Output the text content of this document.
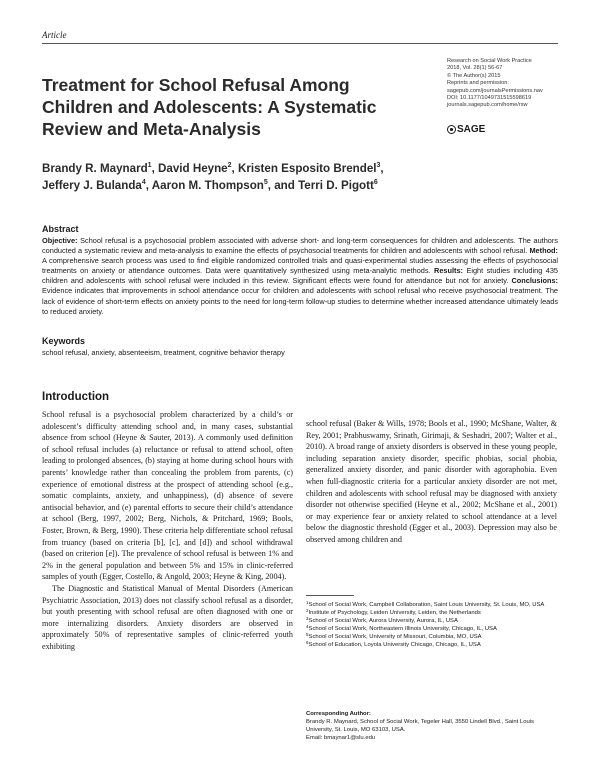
Article
Treatment for School Refusal Among Children and Adolescents: A Systematic Review and Meta-Analysis
Research on Social Work Practice
2018, Vol. 28(1) 56-67
© The Author(s) 2015
Reprints and permission:
sagepub.com/journalsPermissions.nav
DOI: 10.1177/1049731515598619
journals.sagepub.com/home/rsw
SAGE
Brandy R. Maynard$^1$, David Heyne$^2$, Kristen Esposito Brendel$^3$,
Jeffery J. Bulanda$^4$, Aaron M. Thompson$^5$, and Terri D. Pigott$^6$
Abstract
Objective: School refusal is a psychosocial problem associated with adverse short- and long-term consequences for children and adolescents. The authors conducted a systematic review and meta-analysis to examine the effects of psychosocial treatments for children and adolescents with school refusal. Method: A comprehensive search process was used to find eligible randomized controlled trials and quasi-experimental studies assessing the effects of psychosocial treatments on anxiety or attendance outcomes. Data were quantitatively synthesized using meta-analytic methods. Results: Eight studies including 435 children and adolescents with school refusal were included in this review. Significant effects were found for attendance but not for anxiety. Conclusions: Evidence indicates that improvements in school attendance occur for children and adolescents with school refusal who receive psychosocial treatment. The lack of evidence of short-term effects on anxiety points to the need for long-term follow-up studies to determine whether increased attendance ultimately leads to reduced anxiety.
Keywords
school refusal, anxiety, absenteeism, treatment, cognitive behavior therapy
Introduction

School refusal is a psychosocial problem characterized by a child’s or adolescent’s difficulty attending school and, in many cases, substantial absence from school (Heyne & Sauter, 2013). A commonly used definition of school refusal includes (a) reluctance or refusal to attend school, often leading to prolonged absences, (b) staying at home during school hours with parents’ knowledge rather than concealing the problem from parents, (c) experience of emotional distress at the prospect of attending school (e.g., somatic complaints, anxiety, and unhappiness), (d) absence of severe antisocial behavior, and (e) parental efforts to secure their child’s attendance at school (Berg, 1997, 2002; Berg, Nichols, & Pritchard, 1969; Bools, Foster, Brown, & Berg, 1990). These criteria help differentiate school refusal from truancy (based on criteria [b], [c], and [d]) and school withdrawal (based on criterion [e]). The prevalence of school refusal is between 1% and 2% in the general population and between 5% and 15% in clinic-referred samples of youth (Egger, Costello, & Angold, 2003; Heyne & King, 2004).

The Diagnostic and Statistical Manual of Mental Disorders (American Psychiatric Association, 2013) does not classify school refusal as a disorder, but youth presenting with school refusal are often diagnosed with one or more internalizing disorders. Anxiety disorders are observed in approximately 50% of representative samples of clinic-referred youth exhibiting

school refusal (Baker & Wills, 1978; Bools et al., 1990; McShane, Walter, & Rey, 2001; Prabhuswamy, Srinath, Girimaji, & Seshadri, 2007; Walter et al., 2010). A broad range of anxiety disorders is observed in these young people, including separation anxiety disorder, specific phobias, social phobia, generalized anxiety disorder, and panic disorder with agoraphobia. Even when full-diagnostic criteria for a particular anxiety disorder are not met, children and adolescents with school refusal may be diagnosed with anxiety disorder not otherwise specified (Heyne et al., 2002; McShane et al., 2001) or may experience fear or anxiety related to school attendance at a level below the diagnostic threshold (Egger et al., 2003). Depression may also be observed among children and

$^1$School of Social Work, Campbell Collaboration, Saint Louis University, St. Louis, MO, USA
$^2$Institute of Psychology, Leiden University, Leiden, the Netherlands
$^3$School of Social Work, Aurora University, Aurora, IL, USA
$^4$School of Social Work, Northeastern Illinois University, Chicago, IL, USA
$^5$School of Social Work, University of Missouri, Columbia, MO, USA
$^6$School of Education, Loyola University Chicago, Chicago, IL, USA
Corresponding Author:
Brandy R. Maynard, School of Social Work, Tegeler Hall, 3550 Lindell Blvd., Saint Louis University, St. Louis, MO 63103, USA.
Email: bmaynar1@slu.edu
